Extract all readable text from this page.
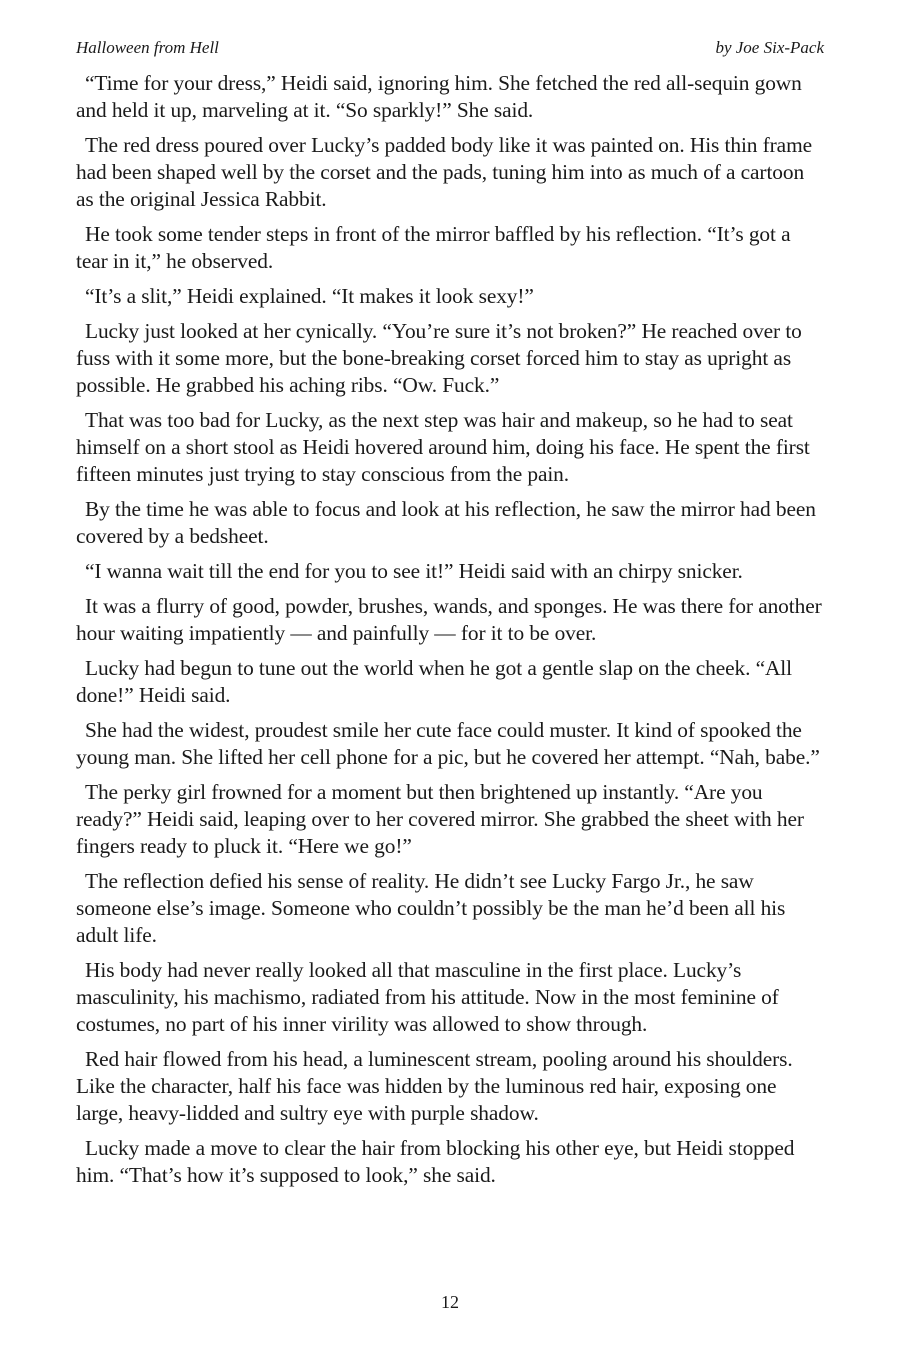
Halloween from Hell	by Joe Six-Pack

“Time for your dress,” Heidi said, ignoring him. She fetched the red all-sequin gown and held it up, marveling at it. “So sparkly!” She said.

The red dress poured over Lucky’s padded body like it was painted on. His thin frame had been shaped well by the corset and the pads, tuning him into as much of a cartoon as the original Jessica Rabbit.

He took some tender steps in front of the mirror baffled by his reflection. “It’s got a tear in it,” he observed.

“It’s a slit,” Heidi explained. “It makes it look sexy!”

Lucky just looked at her cynically. “You’re sure it’s not broken?” He reached over to fuss with it some more, but the bone-breaking corset forced him to stay as upright as possible. He grabbed his aching ribs. “Ow. Fuck.”

That was too bad for Lucky, as the next step was hair and makeup, so he had to seat himself on a short stool as Heidi hovered around him, doing his face. He spent the first fifteen minutes just trying to stay conscious from the pain.

By the time he was able to focus and look at his reflection, he saw the mirror had been covered by a bedsheet.

“I wanna wait till the end for you to see it!” Heidi said with an chirpy snicker.

It was a flurry of good, powder, brushes, wands, and sponges. He was there for another hour waiting impatiently — and painfully — for it to be over.

Lucky had begun to tune out the world when he got a gentle slap on the cheek. “All done!” Heidi said.

She had the widest, proudest smile her cute face could muster. It kind of spooked the young man. She lifted her cell phone for a pic, but he covered her attempt. “Nah, babe.”

The perky girl frowned for a moment but then brightened up instantly. “Are you ready?” Heidi said, leaping over to her covered mirror. She grabbed the sheet with her fingers ready to pluck it. “Here we go!”

The reflection defied his sense of reality. He didn’t see Lucky Fargo Jr., he saw someone else’s image. Someone who couldn’t possibly be the man he’d been all his adult life.

His body had never really looked all that masculine in the first place. Lucky’s masculinity, his machismo, radiated from his attitude. Now in the most feminine of costumes, no part of his inner virility was allowed to show through.

Red hair flowed from his head, a luminescent stream, pooling around his shoulders. Like the character, half his face was hidden by the luminous red hair, exposing one large, heavy-lidded and sultry eye with purple shadow.

Lucky made a move to clear the hair from blocking his other eye, but Heidi stopped him. “That’s how it’s supposed to look,” she said.

12
